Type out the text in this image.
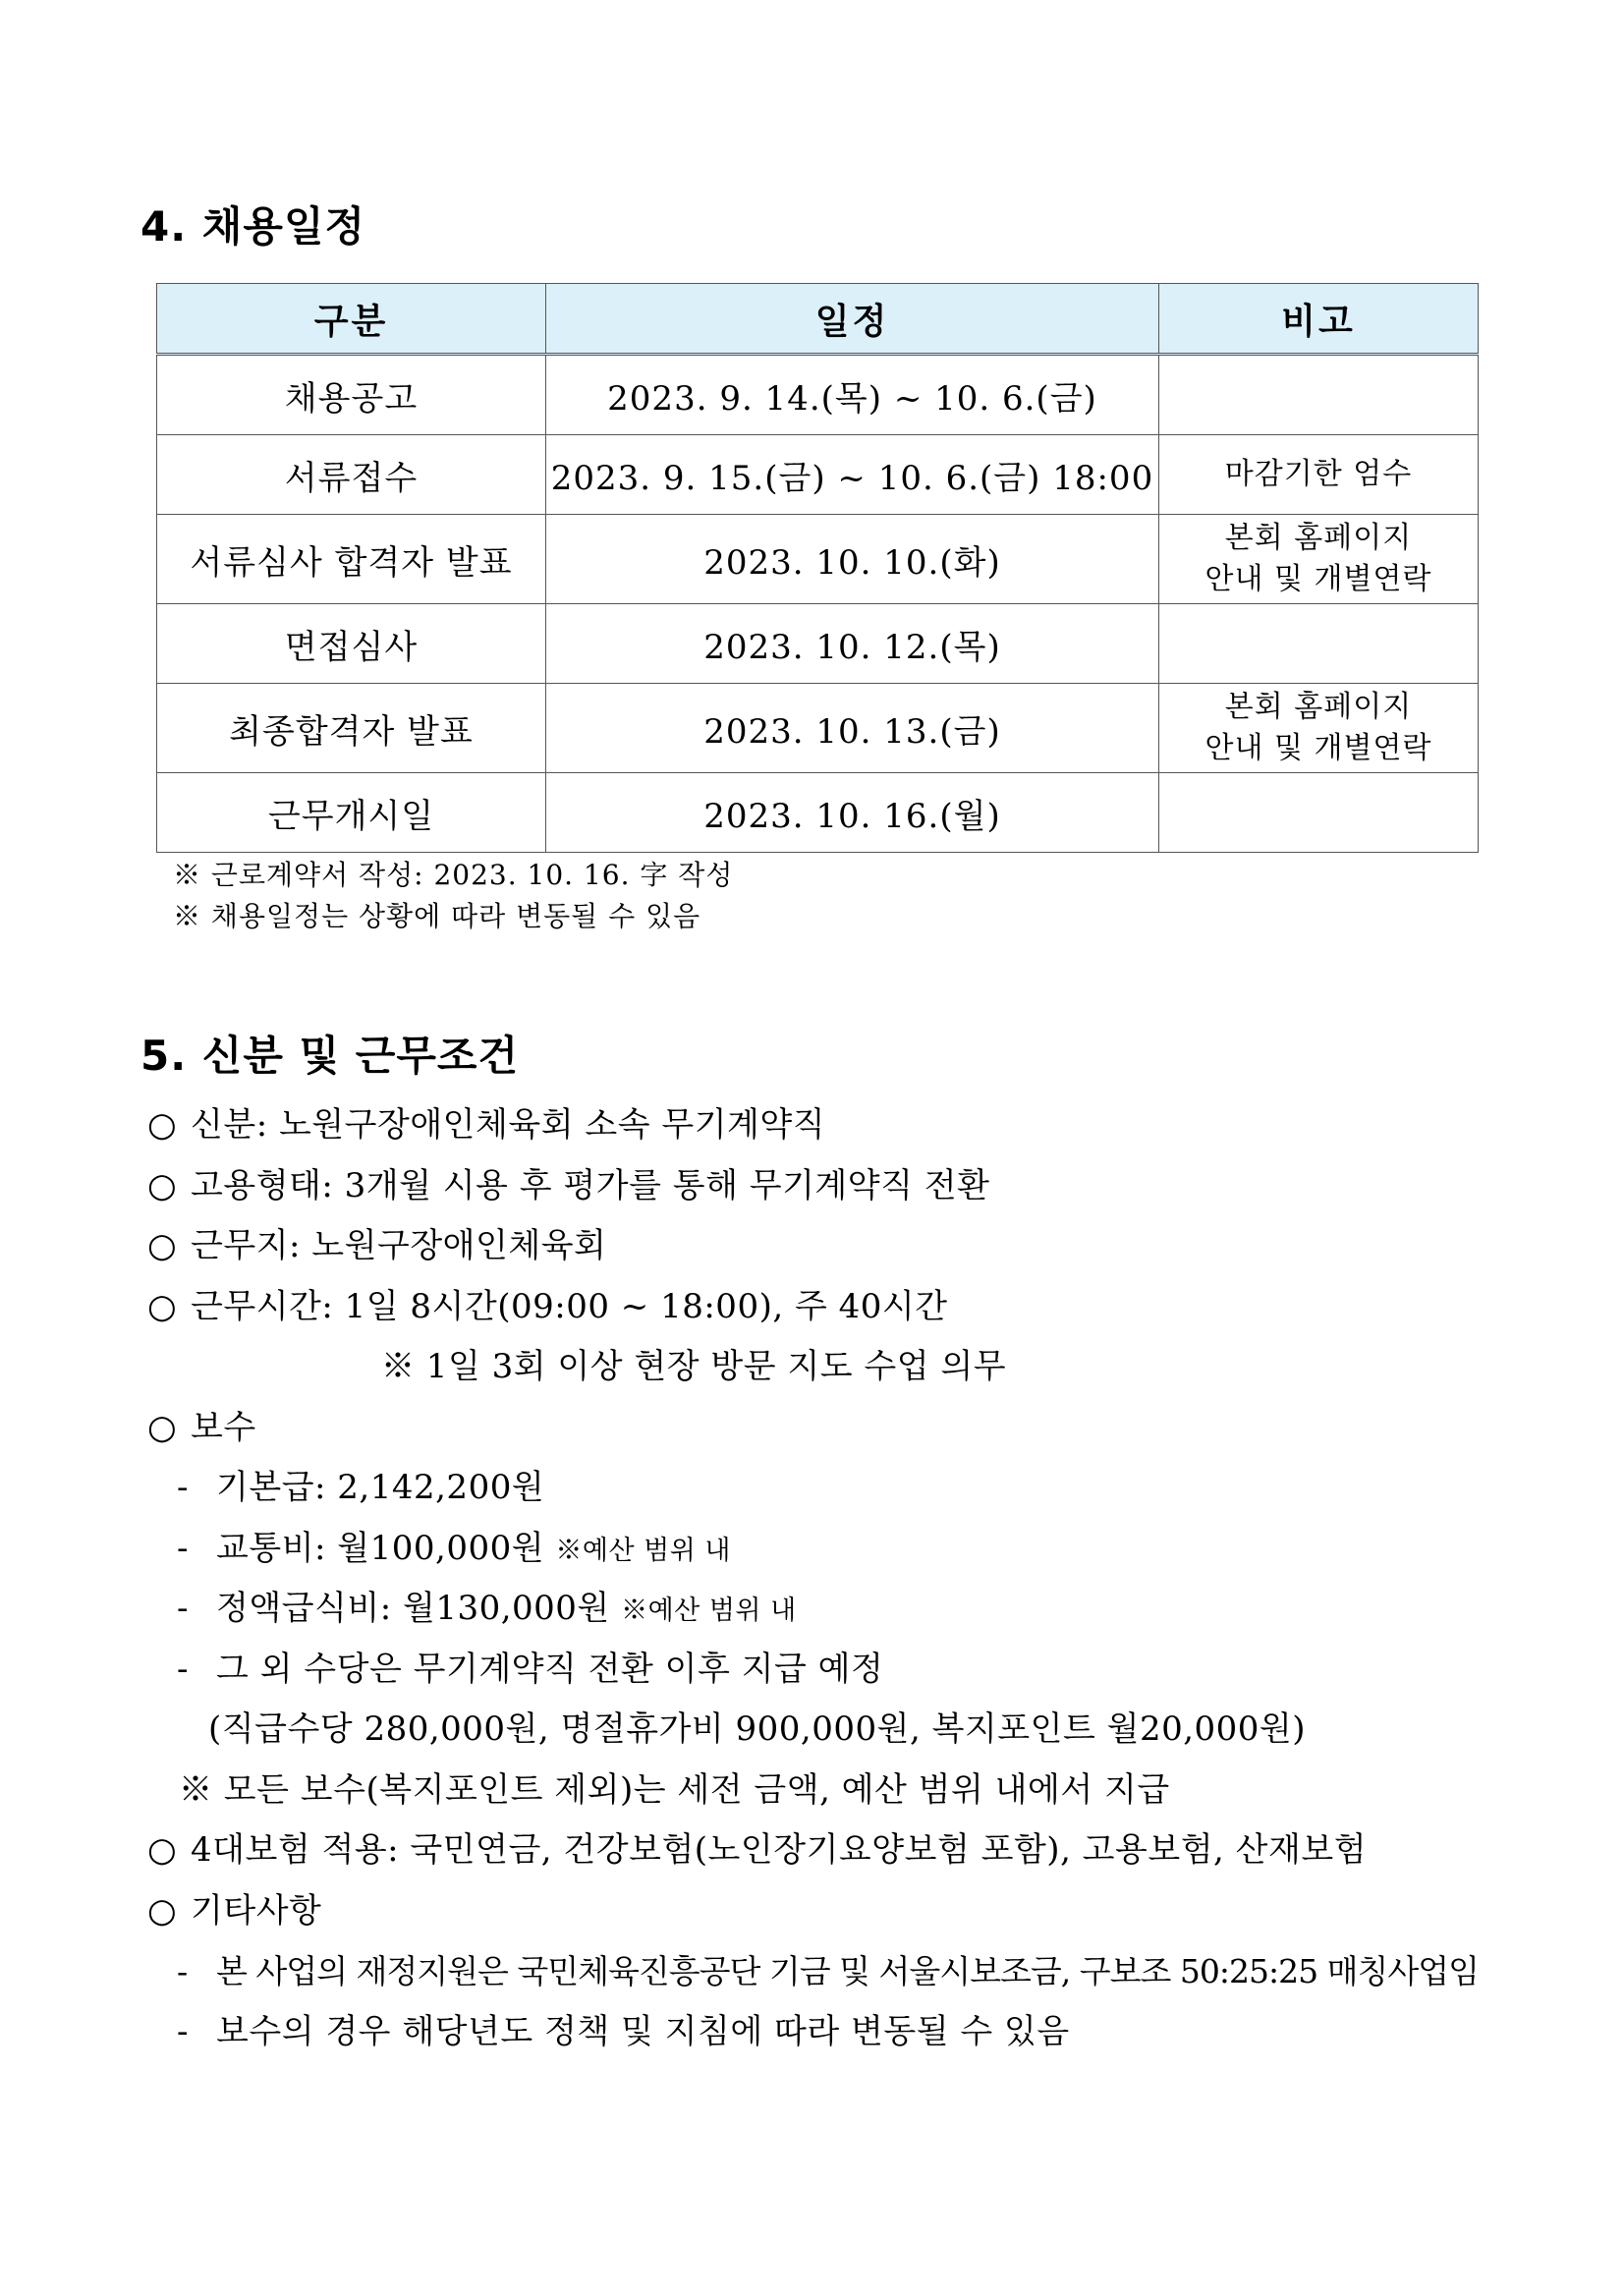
4. 채용일정
구분	일정	비고
채용공고	2023. 9. 14.(목) ~ 10. 6.(금)	

서류접수	2023. 9. 15.(금) ~ 10. 6.(금) 18:00	마감기한 엄수

서류심사 합격자 발표	2023. 10. 10.(화)	본회 홈페이지
안내 및 개별연락

면접심사	2023. 10. 12.(목)	

최종합격자 발표	2023. 10. 13.(금)	본회 홈페이지
안내 및 개별연락

근무개시일	2023. 10. 16.(월)	
※ 근로계약서 작성: 2023. 10. 16. 字 작성
※ 채용일정는 상황에 따라 변동될 수 있음
5. 신분 및 근무조건
○ 신분: 노원구장애인체육회 소속 무기계약직
○ 고용형태: 3개월 시용 후 평가를 통해 무기계약직 전환
○ 근무지: 노원구장애인체육회
○ 근무시간: 1일 8시간(09:00 ~ 18:00), 주 40시간
※ 1일 3회 이상 현장 방문 지도 수업 의무
○ 보수
- 기본급: 2,142,200원
- 교통비: 월100,000원 ※예산 범위 내
- 정액급식비: 월130,000원 ※예산 범위 내
- 그 외 수당은 무기계약직 전환 이후 지급 예정
(직급수당 280,000원, 명절휴가비 900,000원, 복지포인트 월20,000원)
※ 모든 보수(복지포인트 제외)는 세전 금액, 예산 범위 내에서 지급
○ 4대보험 적용: 국민연금, 건강보험(노인장기요양보험 포함), 고용보험, 산재보험
○ 기타사항
- 본 사업의 재정지원은 국민체육진흥공단 기금 및 서울시보조금, 구보조 50:25:25 매칭사업임
- 보수의 경우 해당년도 정책 및 지침에 따라 변동될 수 있음
